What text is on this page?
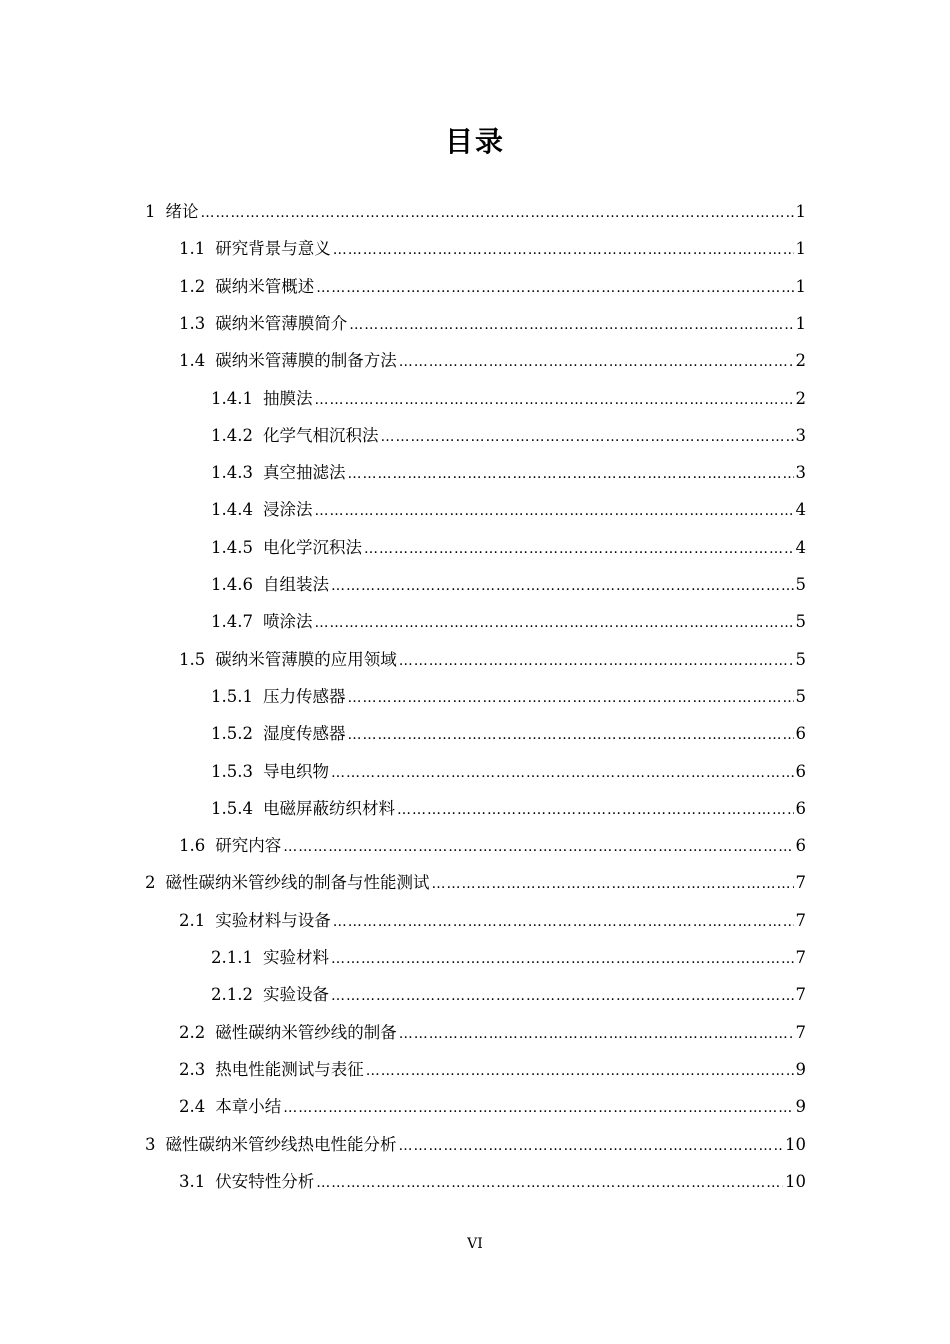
目录
1 绪论 ……………………………………………………………………………………………………………………………………………………………………………………	1
1.1 研究背景与意义 ……………………………………………………………………………………………………………………………………………………………………………………	1
1.2 碳纳米管概述 ……………………………………………………………………………………………………………………………………………………………………………………	1
1.3 碳纳米管薄膜简介 ……………………………………………………………………………………………………………………………………………………………………………………	1
1.4 碳纳米管薄膜的制备方法 ……………………………………………………………………………………………………………………………………………………………………………………	2
1.4.1 抽膜法 ……………………………………………………………………………………………………………………………………………………………………………………	2
1.4.2 化学气相沉积法 ……………………………………………………………………………………………………………………………………………………………………………………	3
1.4.3 真空抽滤法 ……………………………………………………………………………………………………………………………………………………………………………………	3
1.4.4 浸涂法 ……………………………………………………………………………………………………………………………………………………………………………………	4
1.4.5 电化学沉积法 ……………………………………………………………………………………………………………………………………………………………………………………	4
1.4.6 自组装法 ……………………………………………………………………………………………………………………………………………………………………………………	5
1.4.7 喷涂法 ……………………………………………………………………………………………………………………………………………………………………………………	5
1.5 碳纳米管薄膜的应用领域 ……………………………………………………………………………………………………………………………………………………………………………………	5
1.5.1 压力传感器 ……………………………………………………………………………………………………………………………………………………………………………………	5
1.5.2 湿度传感器 ……………………………………………………………………………………………………………………………………………………………………………………	6
1.5.3 导电织物 ……………………………………………………………………………………………………………………………………………………………………………………	6
1.5.4 电磁屏蔽纺织材料 ……………………………………………………………………………………………………………………………………………………………………………………	6
1.6 研究内容 ……………………………………………………………………………………………………………………………………………………………………………………	6
2 磁性碳纳米管纱线的制备与性能测试 ……………………………………………………………………………………………………………………………………………………………………………………	7
2.1 实验材料与设备 ……………………………………………………………………………………………………………………………………………………………………………………	7
2.1.1 实验材料 ……………………………………………………………………………………………………………………………………………………………………………………	7
2.1.2 实验设备 ……………………………………………………………………………………………………………………………………………………………………………………	7
2.2 磁性碳纳米管纱线的制备 ……………………………………………………………………………………………………………………………………………………………………………………	7
2.3 热电性能测试与表征 ……………………………………………………………………………………………………………………………………………………………………………………	9
2.4 本章小结 ……………………………………………………………………………………………………………………………………………………………………………………	9
3 磁性碳纳米管纱线热电性能分析 ……………………………………………………………………………………………………………………………………………………………………………………	10
3.1 伏安特性分析 ……………………………………………………………………………………………………………………………………………………………………………………	10
VI
